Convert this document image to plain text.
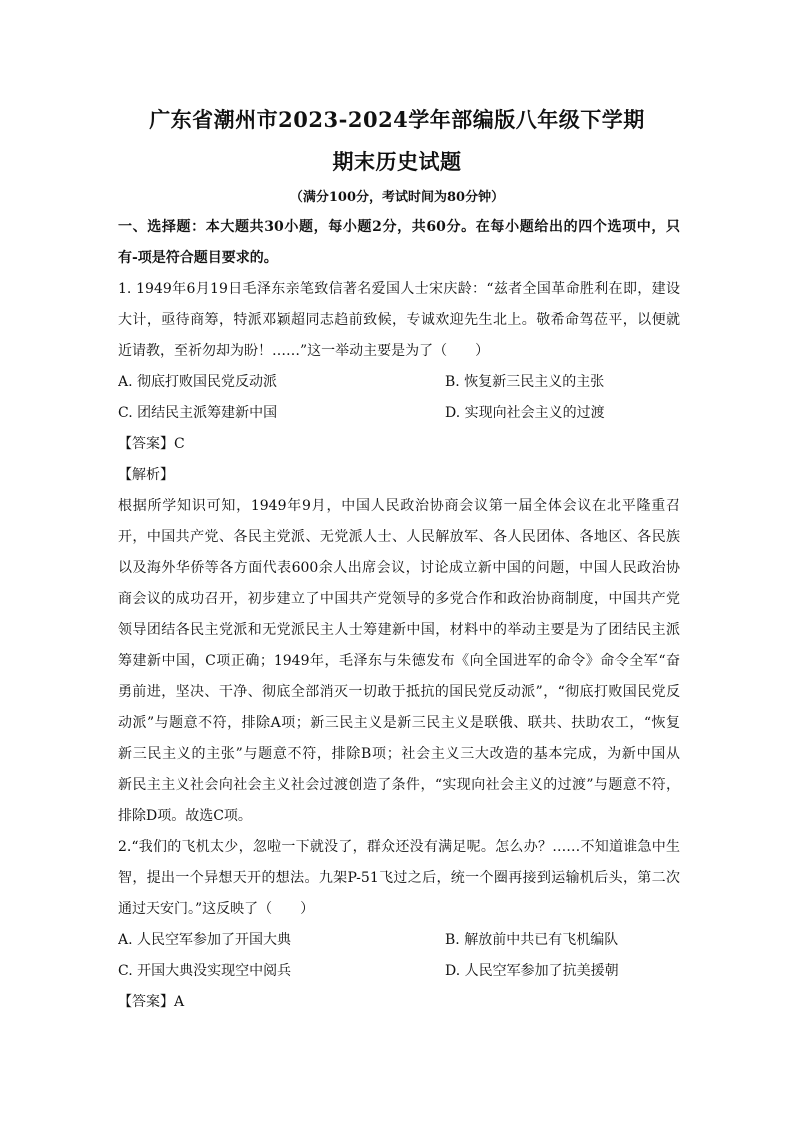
广东省潮州市2023-2024学年部编版八年级下学期
期末历史试题
（满分100分，考试时间为80分钟）
一、选择题：本大题共30小题，每小题2分，共60分。在每小题给出的四个选项中，只
有-项是符合题目要求的。
1. 1949年6月19日毛泽东亲笔致信著名爱国人士宋庆龄：“兹者全国革命胜利在即，建设
大计，亟待商筹，特派邓颖超同志趋前致候，专诚欢迎先生北上。敬希命驾莅平，以便就
近请教，至祈勿却为盼！……”这一举动主要是为了（　　）
A. 彻底打败国民党反动派	B. 恢复新三民主义的主张
C. 团结民主派筹建新中国	D. 实现向社会主义的过渡
【答案】C
【解析】
根据所学知识可知，1949年9月，中国人民政治协商会议第一届全体会议在北平隆重召
开，中国共产党、各民主党派、无党派人士、人民解放军、各人民团体、各地区、各民族
以及海外华侨等各方面代表600余人出席会议，讨论成立新中国的问题，中国人民政治协
商会议的成功召开，初步建立了中国共产党领导的多党合作和政治协商制度，中国共产党
领导团结各民主党派和无党派民主人士筹建新中国，材料中的举动主要是为了团结民主派
筹建新中国，C项正确；1949年，毛泽东与朱德发布《向全国进军的命令》命令全军“奋
勇前进，坚决、干净、彻底全部消灭一切敢于抵抗的国民党反动派”，“彻底打败国民党反
动派”与题意不符，排除A项；新三民主义是新三民主义是联俄、联共、扶助农工，“恢复
新三民主义的主张”与题意不符，排除B项；社会主义三大改造的基本完成，为新中国从
新民主主义社会向社会主义社会过渡创造了条件，“实现向社会主义的过渡”与题意不符，
排除D项。故选C项。
2.“我们的飞机太少，忽啦一下就没了，群众还没有满足呢。怎么办？……不知道谁急中生
智，提出一个异想天开的想法。九架P-51飞过之后，统一个圈再接到运输机后头，第二次
通过天安门。”这反映了（　　）
A. 人民空军参加了开国大典	B. 解放前中共已有飞机编队
C. 开国大典没实现空中阅兵	D. 人民空军参加了抗美援朝
【答案】A
